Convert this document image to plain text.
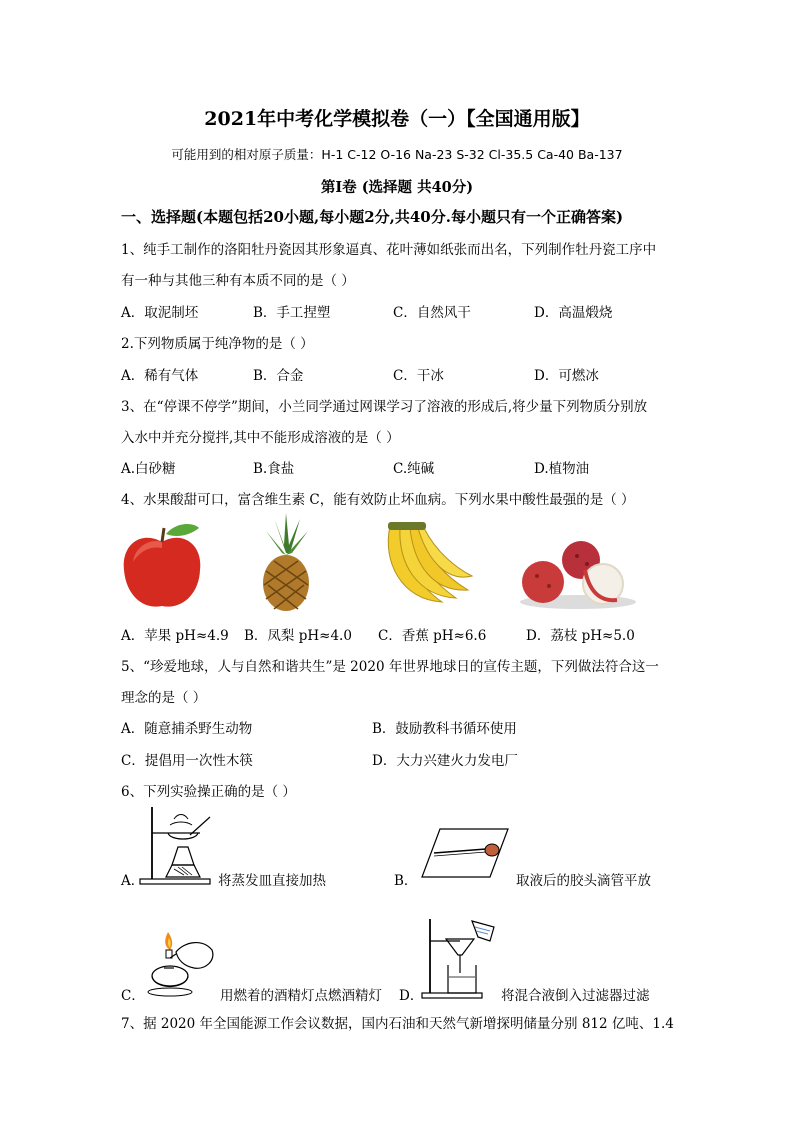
2021年中考化学模拟卷（一）【全国通用版】
可能用到的相对原子质量：H-1 C-12 O-16 Na-23 S-32 Cl-35.5 Ca-40 Ba-137
第Ⅰ卷 (选择题 共40分)
一、选择题(本题包括20小题,每小题2分,共40分.每小题只有一个正确答案)
1、纯手工制作的洛阳牡丹瓷因其形象逼真、花叶薄如纸张而出名，下列制作牡丹瓷工序中
有一种与其他三种有本质不同的是（ ）
A．取泥制坯	B．手工捏塑	C．自然风干	D．高温煅烧
2.下列物质属于纯净物的是（ ）
A．稀有气体	B．合金	C．干冰	D．可燃冰
3、在“停课不停学”期间，小兰同学通过网课学习了溶液的形成后,将少量下列物质分别放
入水中并充分搅拌,其中不能形成溶液的是（ ）
A.白砂糖	B.食盐	C.纯碱	D.植物油
4、水果酸甜可口，富含维生素 C，能有效防止坏血病。下列水果中酸性最强的是（ ）
A．苹果 pH≈4.9 B．凤梨 pH≈4.0 C．香蕉 pH≈6.6	D．荔枝 pH≈5.0
5、“珍爱地球，人与自然和谐共生”是 2020 年世界地球日的宣传主题，下列做法符合这一
理念的是（ ）
A．随意捕杀野生动物	B．鼓励教科书循环使用
C．提倡用一次性木筷	D．大力兴建火力发电厂
6、下列实验操正确的是（ ）
A．	将蒸发皿直接加热	B．	取液后的胶头滴管平放
C．	用燃着的酒精灯点燃酒精灯 D．	将混合液倒入过滤器过滤
7、据 2020 年全国能源工作会议数据，国内石油和天然气新增探明储量分别 812 亿吨、1.4
